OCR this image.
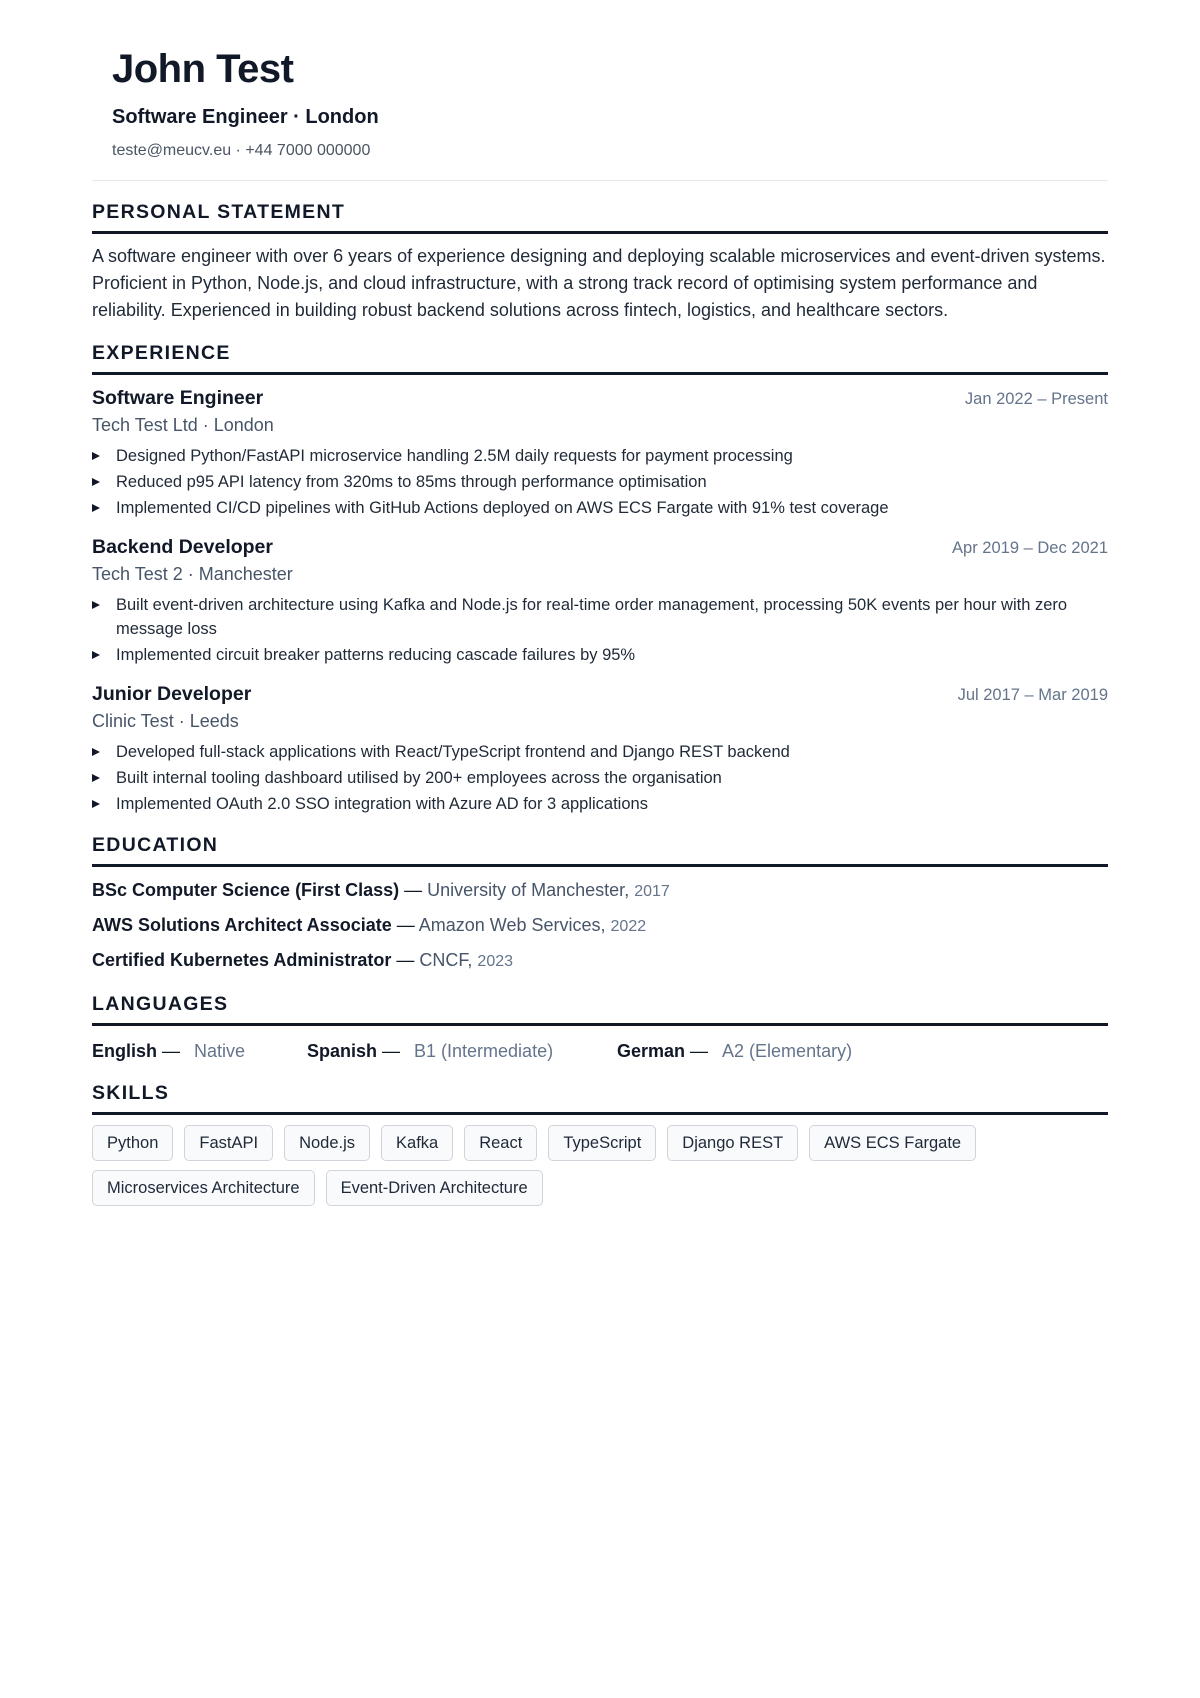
John Test
Software Engineer · London
teste@meucv.eu · +44 7000 000000
PERSONAL STATEMENT

A software engineer with over 6 years of experience designing and deploying scalable microservices and event-driven systems. Proficient in Python, Node.js, and cloud infrastructure, with a strong track record of optimising system performance and reliability. Experienced in building robust backend solutions across fintech, logistics, and healthcare sectors.

EXPERIENCE
Software Engineer	Jan 2022 – Present
Tech Test Ltd · London
Designed Python/FastAPI microservice handling 2.5M daily requests for payment processing
Reduced p95 API latency from 320ms to 85ms through performance optimisation
Implemented CI/CD pipelines with GitHub Actions deployed on AWS ECS Fargate with 91% test coverage
Backend Developer	Apr 2019 – Dec 2021
Tech Test 2 · Manchester
Built event-driven architecture using Kafka and Node.js for real-time order management, processing 50K events per hour with zero message loss
Implemented circuit breaker patterns reducing cascade failures by 95%
Junior Developer	Jul 2017 – Mar 2019
Clinic Test · Leeds
Developed full-stack applications with React/TypeScript frontend and Django REST backend
Built internal tooling dashboard utilised by 200+ employees across the organisation
Implemented OAuth 2.0 SSO integration with Azure AD for 3 applications
EDUCATION
BSc Computer Science (First Class) — University of Manchester, 2017
AWS Solutions Architect Associate — Amazon Web Services, 2022
Certified Kubernetes Administrator — CNCF, 2023
LANGUAGES
English — Native	Spanish — B1 (Intermediate)	German — A2 (Elementary)
SKILLS
Python	FastAPI	Node.js	Kafka	React	TypeScript	Django REST	AWS ECS Fargate
Microservices Architecture	Event-Driven Architecture
